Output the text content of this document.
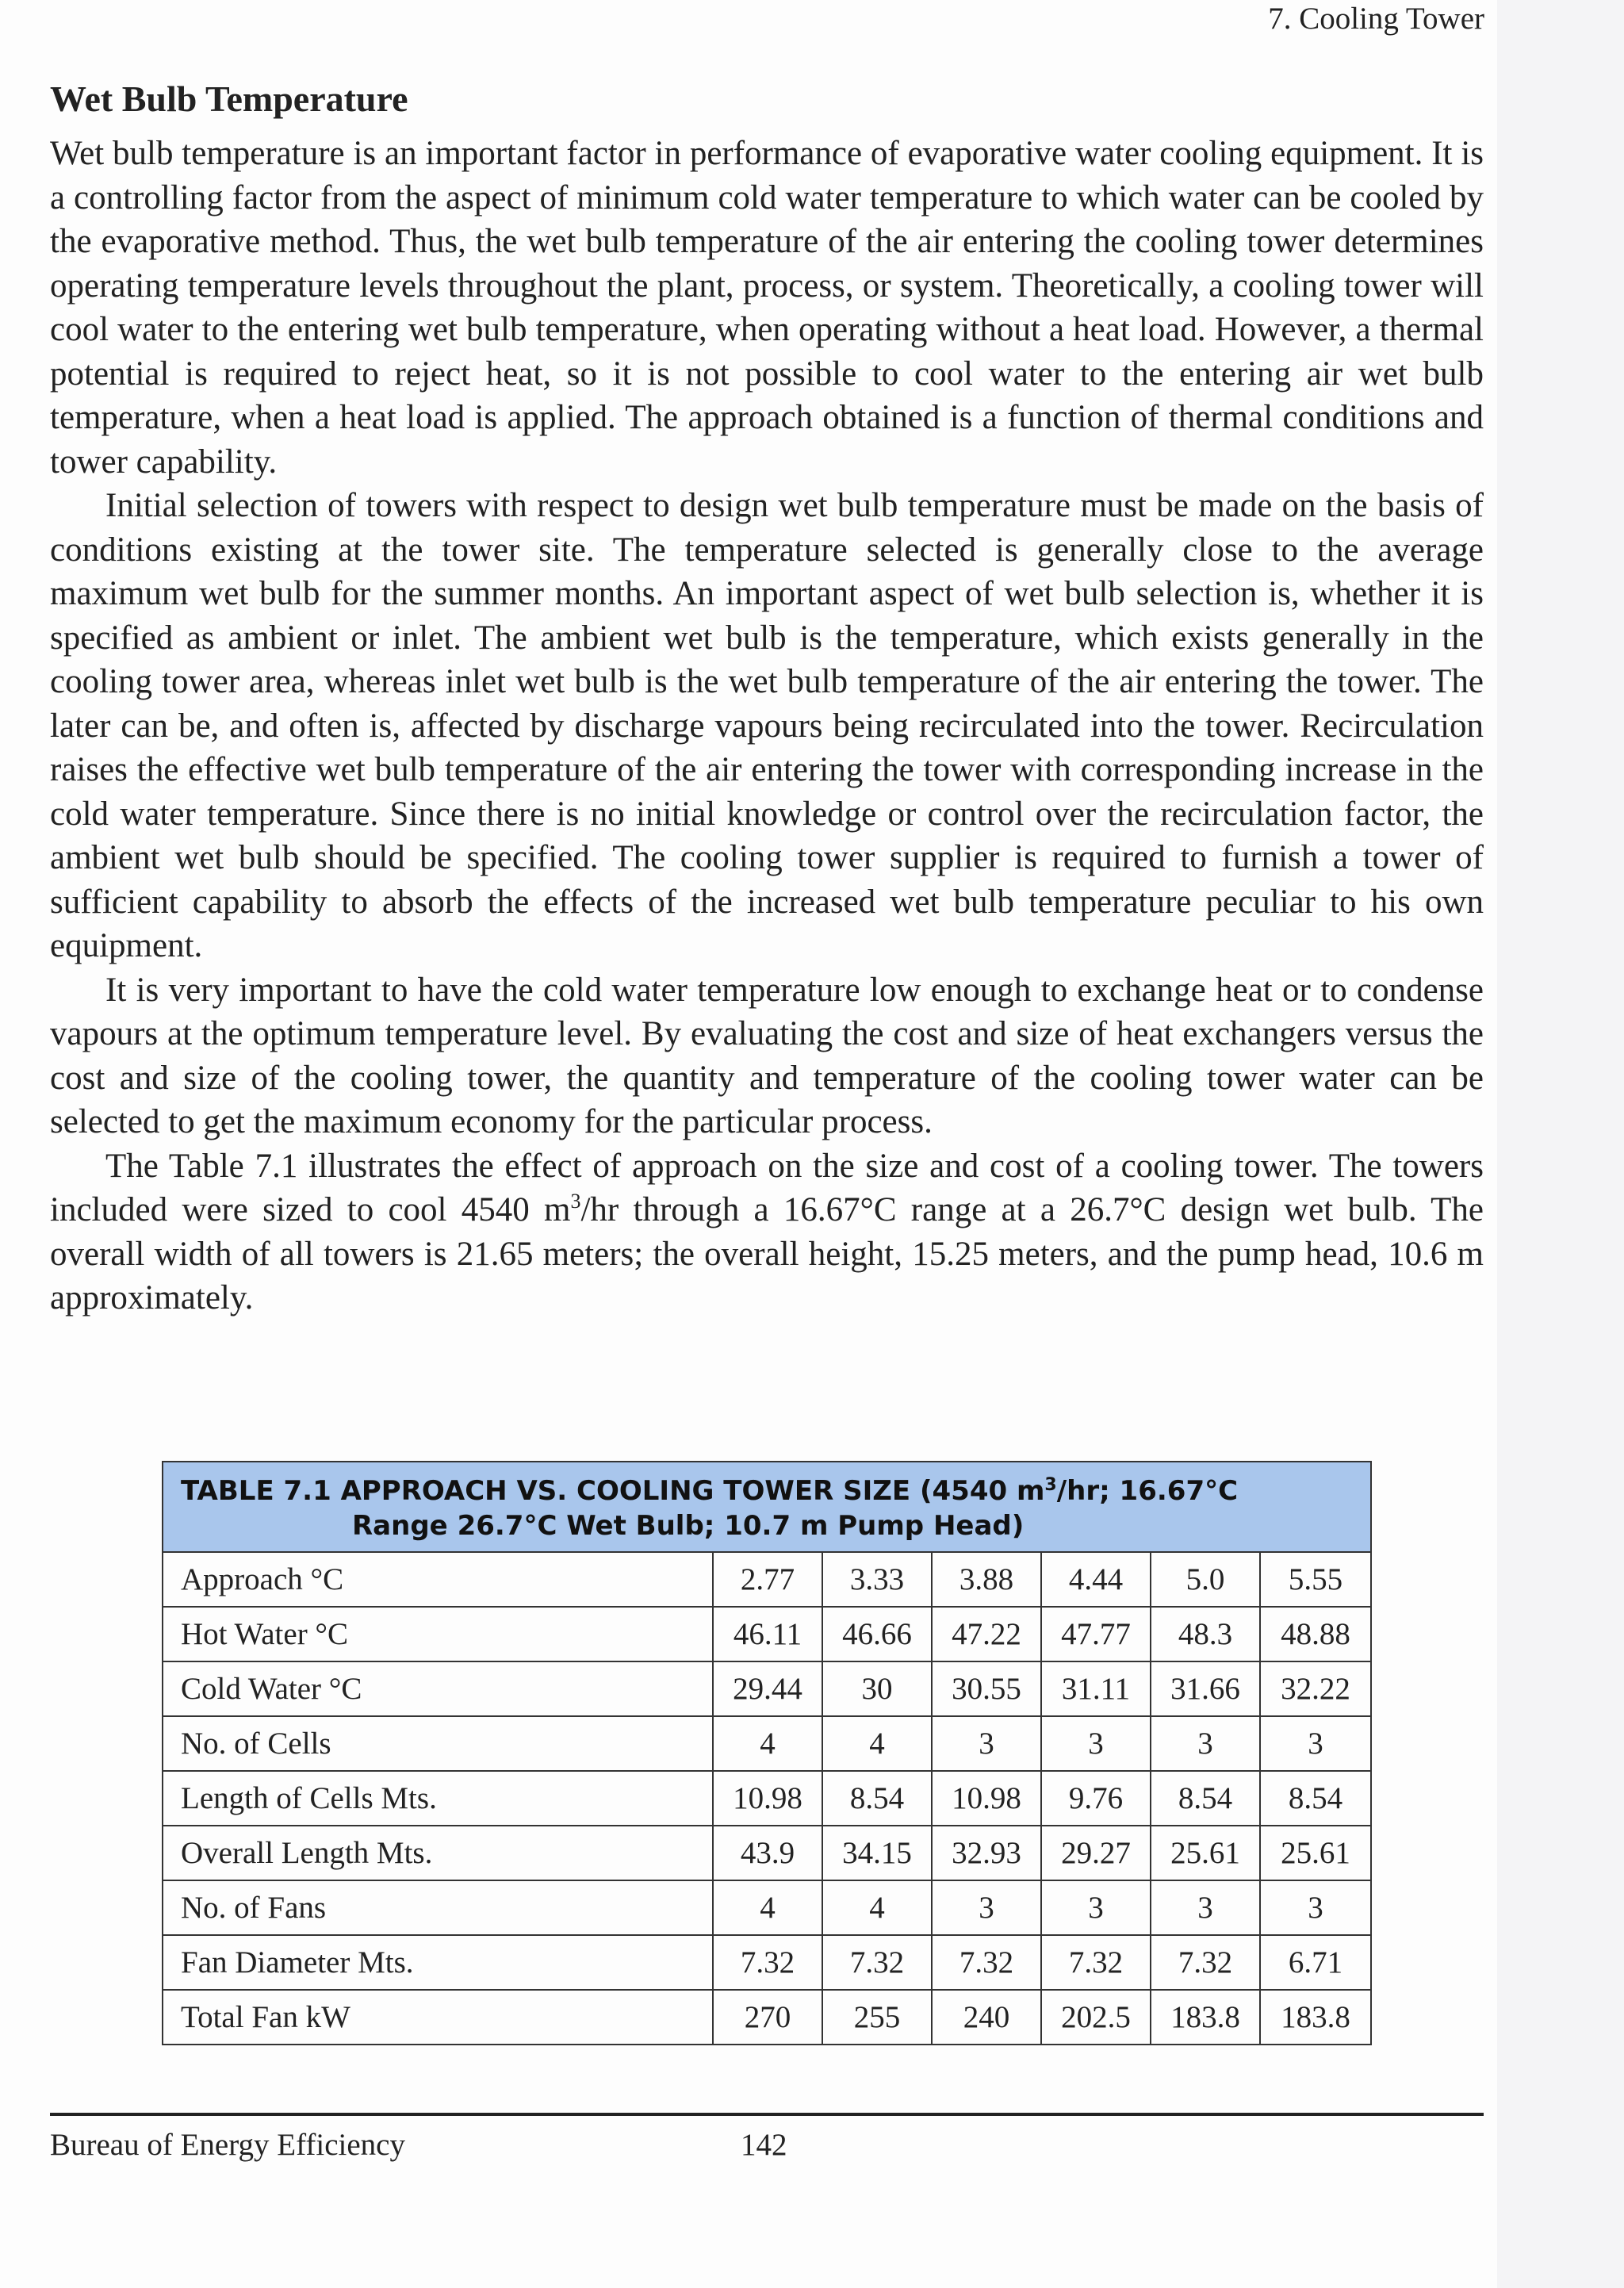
7. Cooling Tower
Wet Bulb Temperature

Wet bulb temperature is an important factor in performance of evaporative water cooling equipment. It is a controlling factor from the aspect of minimum cold water temperature to which water can be cooled by the evaporative method. Thus, the wet bulb temperature of the air entering the cooling tower determines operating temperature levels throughout the plant, process, or system. Theoretically, a cooling tower will cool water to the entering wet bulb temperature, when operating without a heat load. However, a thermal potential is required to reject heat, so it is not possible to cool water to the entering air wet bulb temperature, when a heat load is applied. The approach obtained is a function of thermal conditions and tower capability.

Initial selection of towers with respect to design wet bulb temperature must be made on the basis of conditions existing at the tower site. The temperature selected is generally close to the average maximum wet bulb for the summer months. An important aspect of wet bulb selection is, whether it is specified as ambient or inlet. The ambient wet bulb is the temperature, which exists generally in the cooling tower area, whereas inlet wet bulb is the wet bulb temperature of the air entering the tower. The later can be, and often is, affected by discharge vapours being recirculated into the tower. Recirculation raises the effective wet bulb temperature of the air entering the tower with corresponding increase in the cold water temperature. Since there is no initial knowledge or control over the recirculation factor, the ambient wet bulb should be specified. The cooling tower supplier is required to furnish a tower of sufficient capability to absorb the effects of the increased wet bulb temperature peculiar to his own equipment.

It is very important to have the cold water temperature low enough to exchange heat or to condense vapours at the optimum temperature level. By evaluating the cost and size of heat exchangers versus the cost and size of the cooling tower, the quantity and temperature of the cooling tower water can be selected to get the maximum economy for the particular process.

The Table 7.1 illustrates the effect of approach on the size and cost of a cooling tower. The towers included were sized to cool 4540 $m^3/hr$ through a 16.67°C range at a 26.7°C design wet bulb. The overall width of all towers is 21.65 meters; the overall height, 15.25 meters, and the pump head, 10.6 m approximately.

TABLE 7.1 APPROACH VS. COOLING TOWER SIZE (4540 $m^3/hr$; 16.67°C
Range 26.7°C Wet Bulb; 10.7 m Pump Head)
Approach °C	2.77	3.33	3.88	4.44	5.0	5.55
Hot Water °C	46.11	46.66	47.22	47.77	48.3	48.88
Cold Water °C	29.44	30	30.55	31.11	31.66	32.22
No. of Cells	4	4	3	3	3	3
Length of Cells Mts.	10.98	8.54	10.98	9.76	8.54	8.54
Overall Length Mts.	43.9	34.15	32.93	29.27	25.61	25.61
No. of Fans	4	4	3	3	3	3
Fan Diameter Mts.	7.32	7.32	7.32	7.32	7.32	6.71
Total Fan kW	270	255	240	202.5	183.8	183.8
Bureau of Energy Efficiency	142
